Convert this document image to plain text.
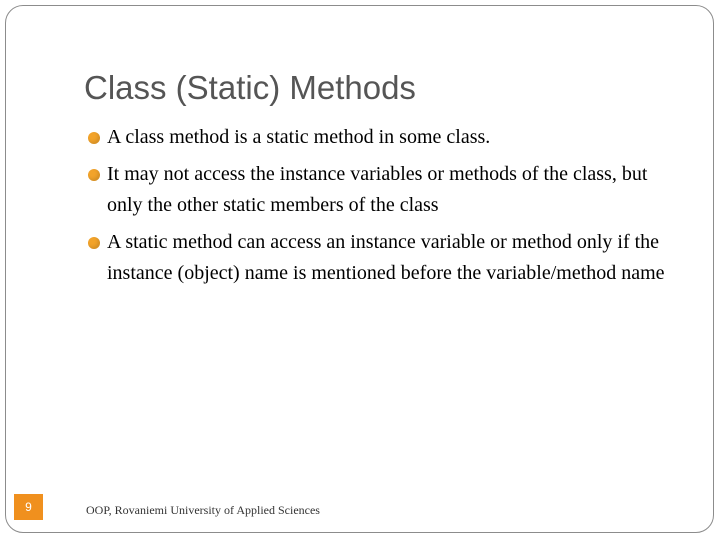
Class (Static) Methods
A class method is a static method in some class.
It may not access the instance variables or methods of the class, but only the other static members of the class
A static method can access an instance variable or method only if the instance (object) name is mentioned before the variable/method name
OOP, Rovaniemi University of Applied Sciences
9
